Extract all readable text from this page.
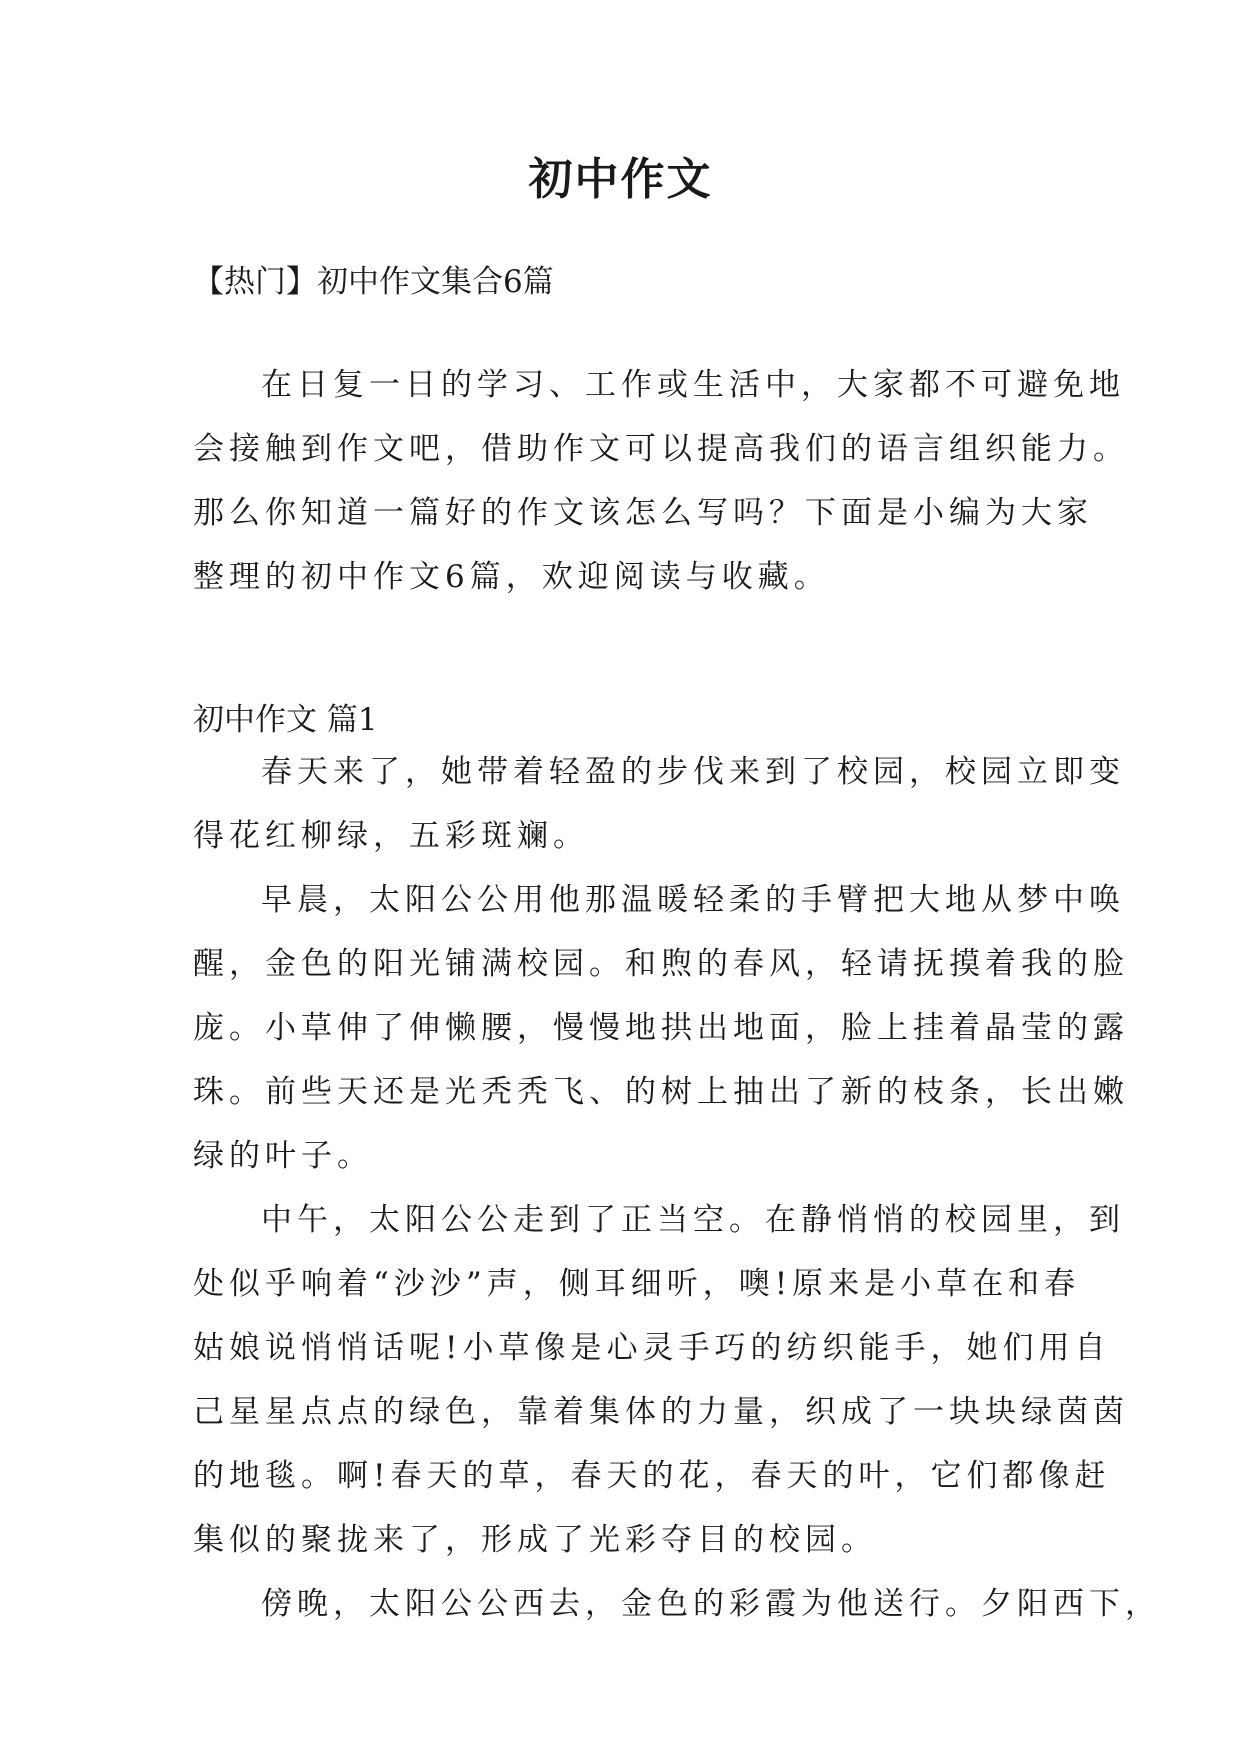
初中作文
【热门】初中作文集合6篇
在日复一日的学习、工作或生活中，大家都不可避免地
会接触到作文吧，借助作文可以提高我们的语言组织能力。
那么你知道一篇好的作文该怎么写吗？下面是小编为大家
整理的初中作文6篇，欢迎阅读与收藏。
初中作文 篇1
春天来了，她带着轻盈的步伐来到了校园，校园立即变
得花红柳绿，五彩斑斓。
早晨，太阳公公用他那温暖轻柔的手臂把大地从梦中唤
醒，金色的阳光铺满校园。和煦的春风，轻请抚摸着我的脸
庞。小草伸了伸懒腰，慢慢地拱出地面，脸上挂着晶莹的露
珠。前些天还是光秃秃飞、的树上抽出了新的枝条，长出嫩
绿的叶子。
中午，太阳公公走到了正当空。在静悄悄的校园里，到
处似乎响着“沙沙”声，侧耳细听，噢!原来是小草在和春
姑娘说悄悄话呢!小草像是心灵手巧的纺织能手，她们用自
己星星点点的绿色，靠着集体的力量，织成了一块块绿茵茵
的地毯。啊!春天的草，春天的花，春天的叶，它们都像赶
集似的聚拢来了，形成了光彩夺目的校园。
傍晚，太阳公公西去，金色的彩霞为他送行。夕阳西下，
